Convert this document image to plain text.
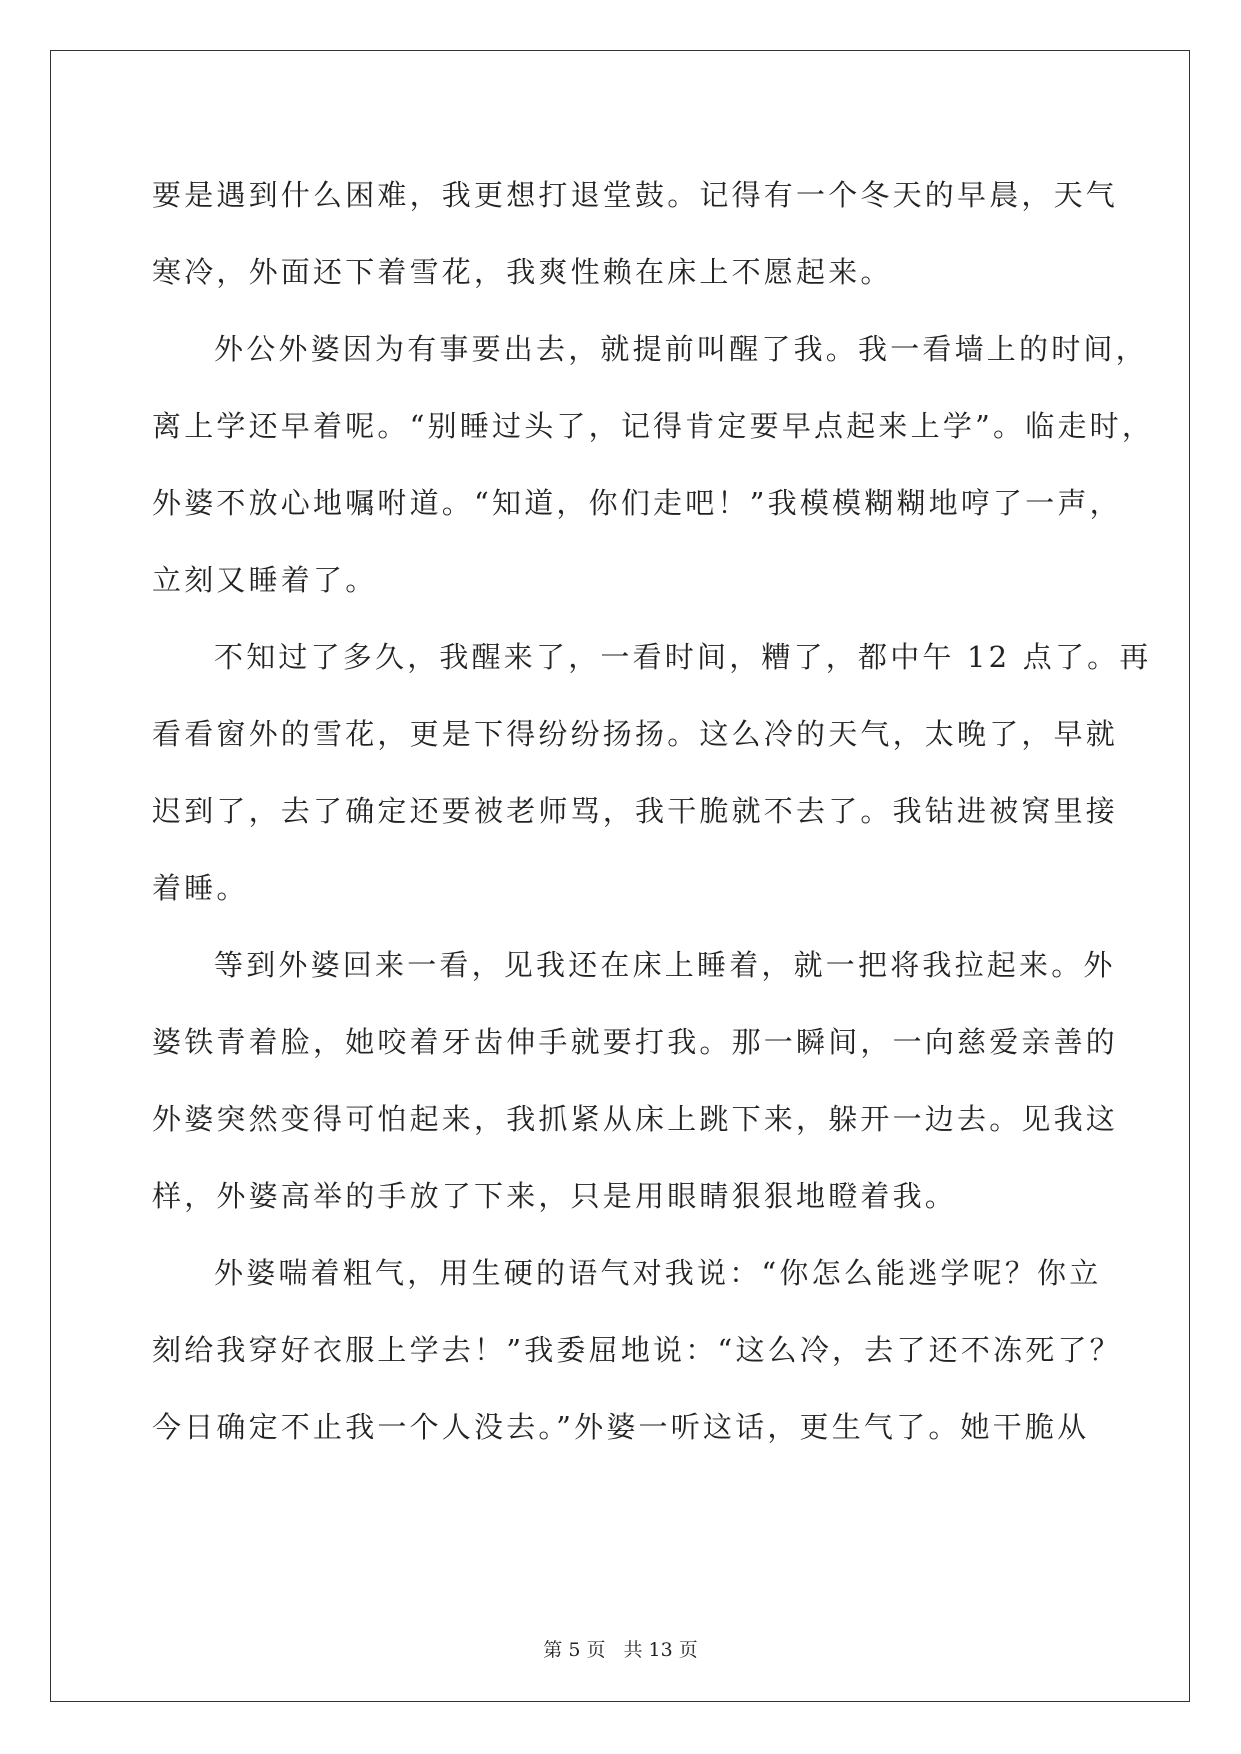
要是遇到什么困难，我更想打退堂鼓。记得有一个冬天的早晨，天气
寒冷，外面还下着雪花，我爽性赖在床上不愿起来。

外公外婆因为有事要出去，就提前叫醒了我。我一看墙上的时间，
离上学还早着呢。“别睡过头了，记得肯定要早点起来上学”。临走时，
外婆不放心地嘱咐道。“知道，你们走吧！”我模模糊糊地哼了一声，
立刻又睡着了。

不知过了多久，我醒来了，一看时间，糟了，都中午 12 点了。再
看看窗外的雪花，更是下得纷纷扬扬。这么冷的天气，太晚了，早就
迟到了，去了确定还要被老师骂，我干脆就不去了。我钻进被窝里接
着睡。

等到外婆回来一看，见我还在床上睡着，就一把将我拉起来。外
婆铁青着脸，她咬着牙齿伸手就要打我。那一瞬间，一向慈爱亲善的
外婆突然变得可怕起来，我抓紧从床上跳下来，躲开一边去。见我这
样，外婆高举的手放了下来，只是用眼睛狠狠地瞪着我。

外婆喘着粗气，用生硬的语气对我说：“你怎么能逃学呢？你立
刻给我穿好衣服上学去！”我委屈地说：“这么冷，去了还不冻死了？
今日确定不止我一个人没去。”外婆一听这话，更生气了。她干脆从

第 5 页 共 13 页
